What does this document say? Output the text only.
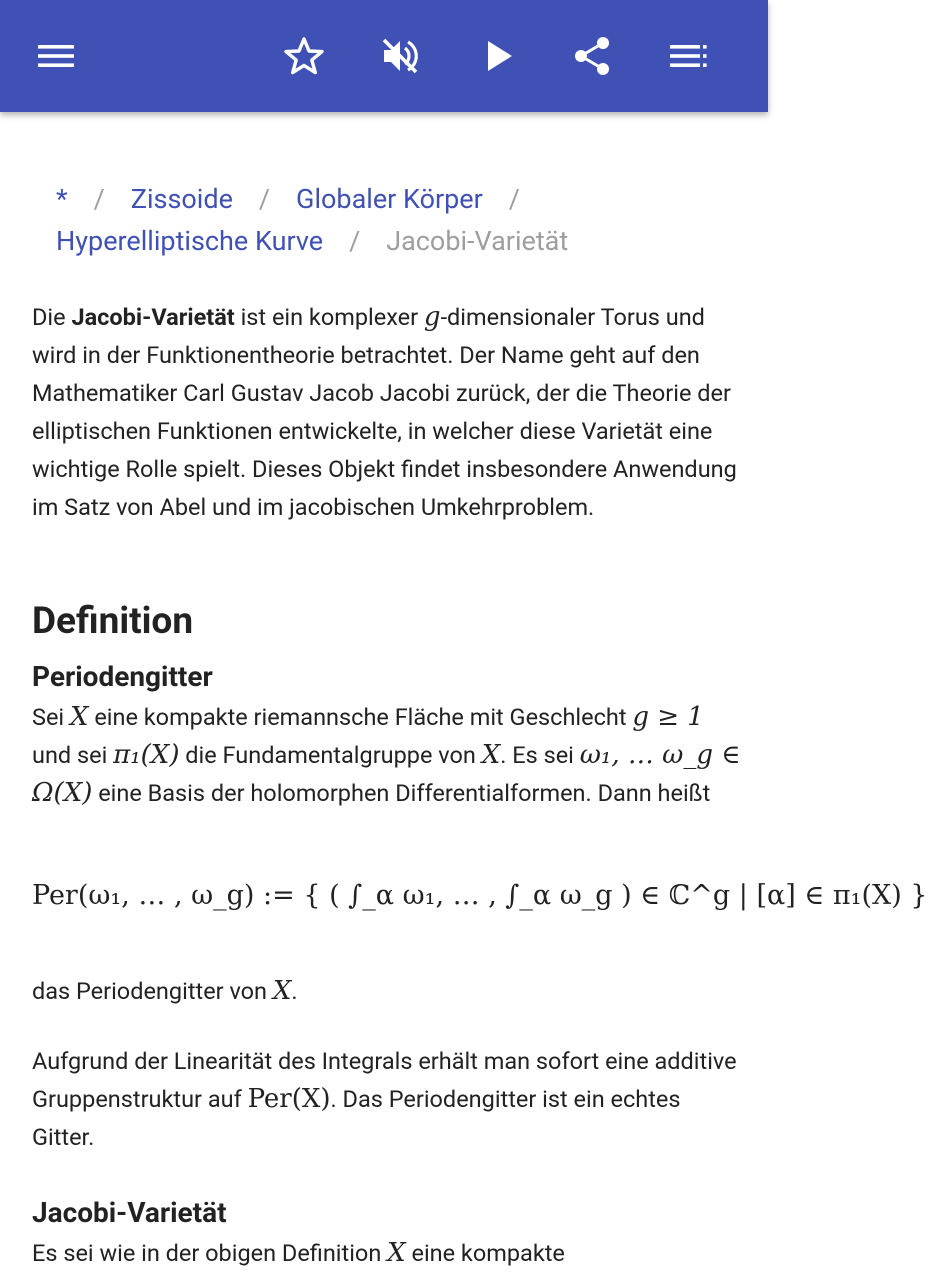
* / Zissoide / Globaler Körper /
Hyperelliptische Kurve / Jacobi-Varietät
Die Jacobi-Varietät ist ein komplexer g-dimensionaler Torus und wird in der Funktionentheorie betrachtet. Der Name geht auf den Mathematiker Carl Gustav Jacob Jacobi zurück, der die Theorie der elliptischen Funktionen entwickelte, in welcher diese Varietät eine wichtige Rolle spielt. Dieses Objekt findet insbesondere Anwendung im Satz von Abel und im jacobischen Umkehrproblem.
Definition
Periodengitter
Sei X eine kompakte riemannsche Fläche mit Geschlecht g ≥ 1 und sei π₁(X) die Fundamentalgruppe von X. Es sei ω₁, … ω_g ∈ Ω(X) eine Basis der holomorphen Differentialformen. Dann heißt
Per(ω₁, … , ω_g) := { ( ∫_α ω₁, … , ∫_α ω_g ) ∈ ℂ^g | [α] ∈ π₁(X) }
das Periodengitter von X.
Aufgrund der Linearität des Integrals erhält man sofort eine additive Gruppenstruktur auf Per(X). Das Periodengitter ist ein echtes Gitter.
Jacobi-Varietät
Es sei wie in der obigen Definition X eine kompakte
